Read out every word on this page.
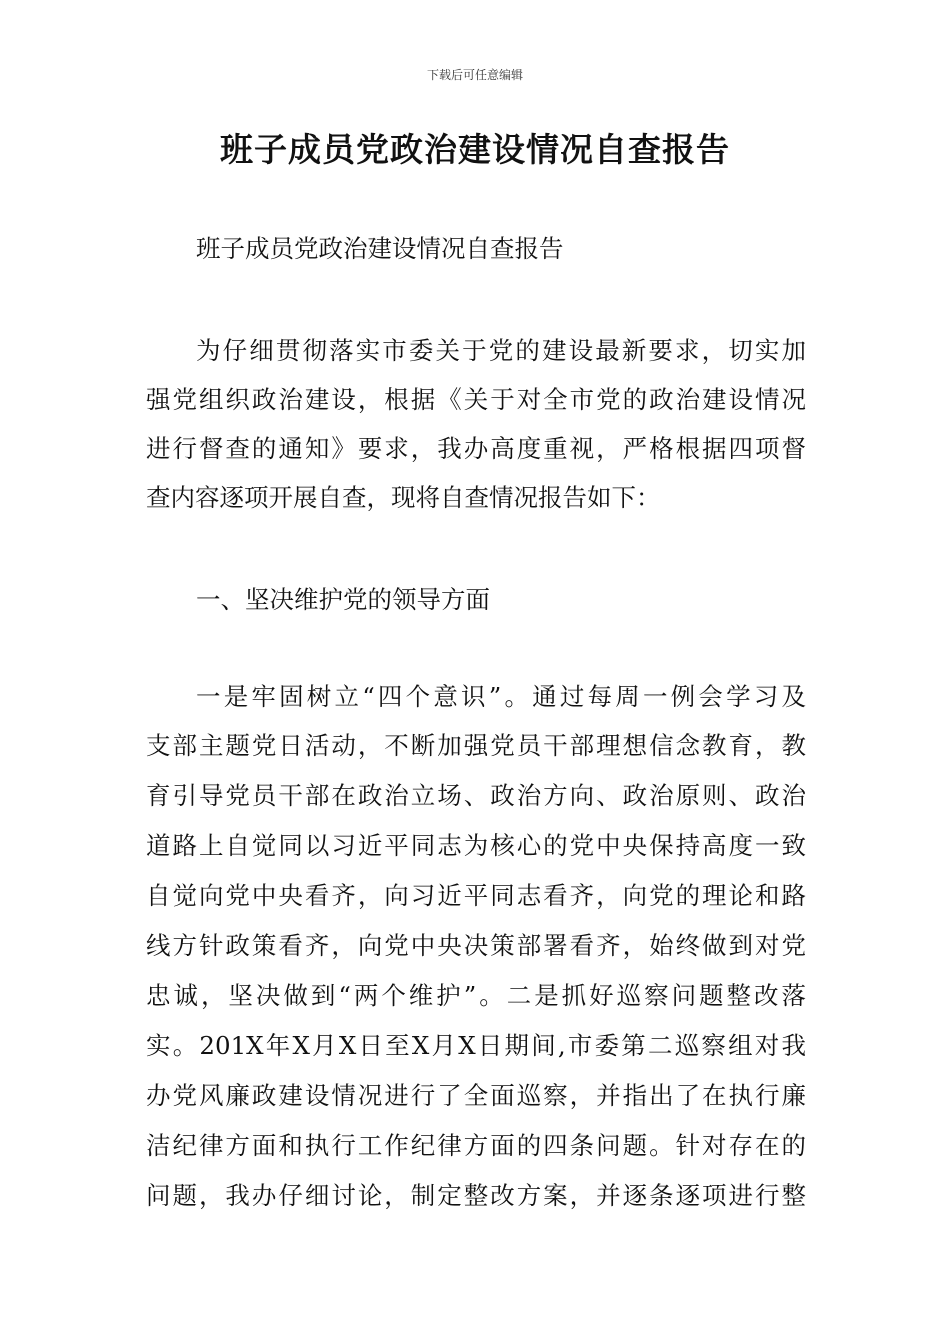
下载后可任意编辑
班子成员党政治建设情况自查报告
班子成员党政治建设情况自查报告
为仔细贯彻落实市委关于党的建设最新要求，切实加
强党组织政治建设，根据《关于对全市党的政治建设情况
进行督查的通知》要求，我办高度重视，严格根据四项督
查内容逐项开展自查，现将自查情况报告如下：
一、坚决维护党的领导方面
一是牢固树立“四个意识”。通过每周一例会学习及
支部主题党日活动，不断加强党员干部理想信念教育，教
育引导党员干部在政治立场、政治方向、政治原则、政治
道路上自觉同以习近平同志为核心的党中央保持高度一致
自觉向党中央看齐，向习近平同志看齐，向党的理论和路
线方针政策看齐，向党中央决策部署看齐，始终做到对党
忠诚，坚决做到“两个维护”。二是抓好巡察问题整改落
实。201X年X月X日至X月X日期间,市委第二巡察组对我
办党风廉政建设情况进行了全面巡察，并指出了在执行廉
洁纪律方面和执行工作纪律方面的四条问题。针对存在的
问题，我办仔细讨论，制定整改方案，并逐条逐项进行整
